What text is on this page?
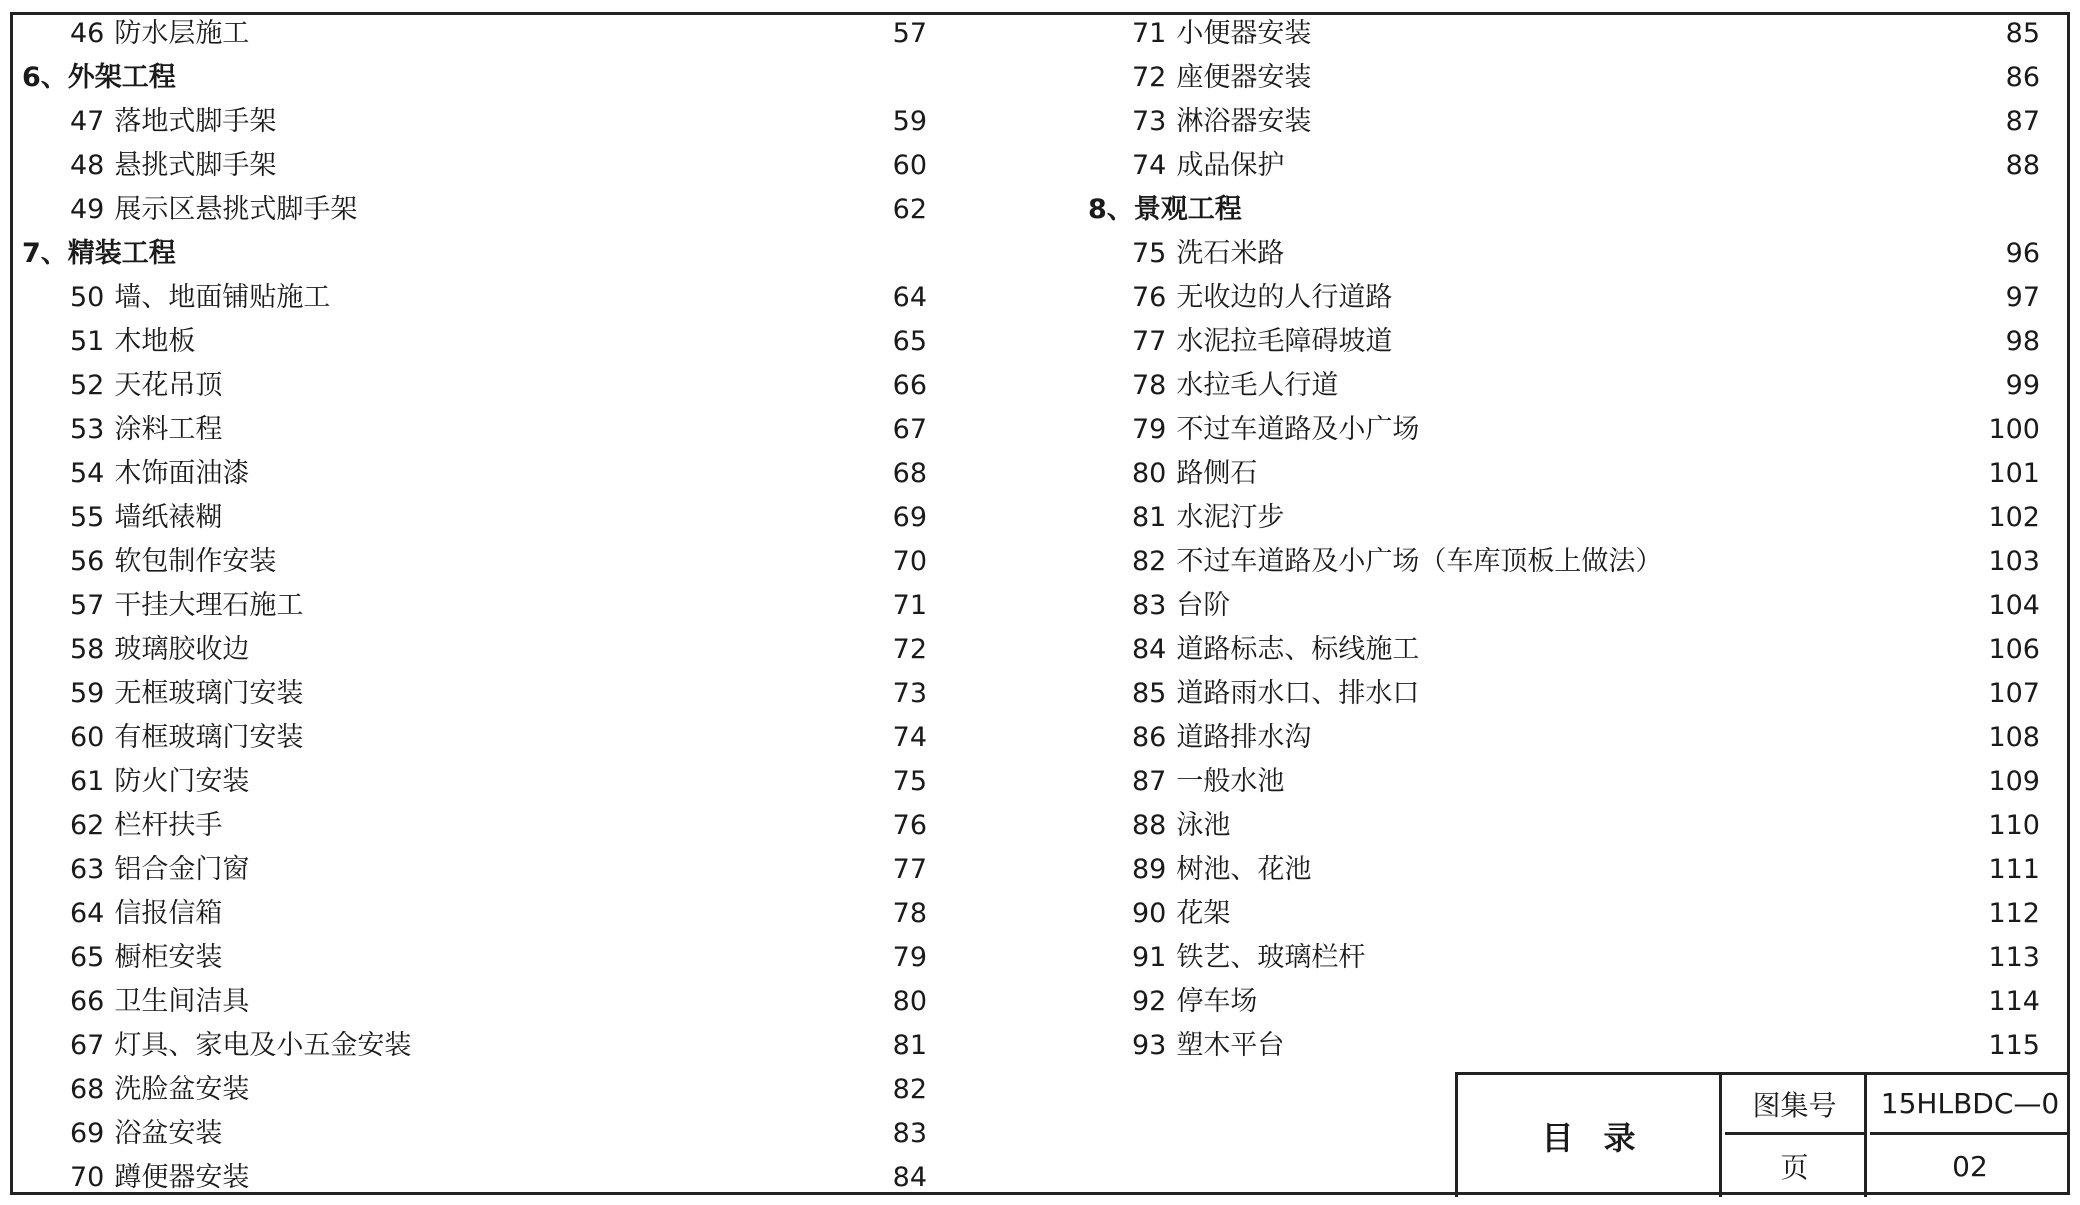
46 防水层施工	57
6、外架工程
47 落地式脚手架	59
48 悬挑式脚手架	60
49 展示区悬挑式脚手架	62
7、精装工程
50 墙、地面铺贴施工	64
51 木地板	65
52 天花吊顶	66
53 涂料工程	67
54 木饰面油漆	68
55 墙纸裱糊	69
56 软包制作安装	70
57 干挂大理石施工	71
58 玻璃胶收边	72
59 无框玻璃门安装	73
60 有框玻璃门安装	74
61 防火门安装	75
62 栏杆扶手	76
63 铝合金门窗	77
64 信报信箱	78
65 橱柜安装	79
66 卫生间洁具	80
67 灯具、家电及小五金安装	81
68 洗脸盆安装	82
69 浴盆安装	83
70 蹲便器安装	84
71 小便器安装	85
72 座便器安装	86
73 淋浴器安装	87
74 成品保护	88
8、景观工程
75 洗石米路	96
76 无收边的人行道路	97
77 水泥拉毛障碍坡道	98
78 水拉毛人行道	99
79 不过车道路及小广场	100
80 路侧石	101
81 水泥汀步	102
82 不过车道路及小广场（车库顶板上做法）	103
83 台阶	104
84 道路标志、标线施工	106
85 道路雨水口、排水口	107
86 道路排水沟	108
87 一般水池	109
88 泳池	110
89 树池、花池	111
90 花架	112
91 铁艺、玻璃栏杆	113
92 停车场	114
93 塑木平台	115
目录
图集号	15HLBDC—0
页	02
